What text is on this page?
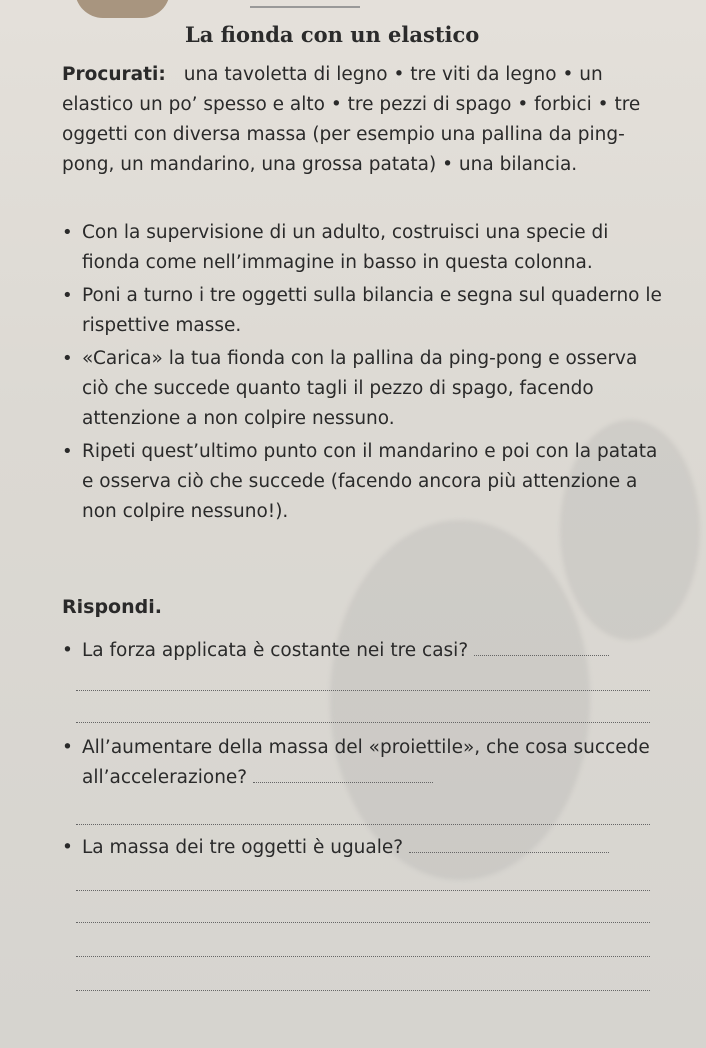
La fionda con un elastico
Procurati: una tavoletta di legno • tre viti da legno • un elastico un po’ spesso e alto • tre pezzi di spago • forbici • tre oggetti con diversa massa (per esempio una pallina da ping-pong, un mandarino, una grossa patata) • una bilancia.
• Con la supervisione di un adulto, costruisci una specie di fionda come nell’immagine in basso in questa colonna.
• Poni a turno i tre oggetti sulla bilancia e segna sul quaderno le rispettive masse.
• «Carica» la tua fionda con la pallina da ping-pong e osserva ciò che succede quanto tagli il pezzo di spago, facendo attenzione a non colpire nessuno.
• Ripeti quest’ultimo punto con il mandarino e poi con la patata e osserva ciò che succede (facendo ancora più attenzione a non colpire nessuno!).
Rispondi.
• La forza applicata è costante nei tre casi?
• All’aumentare della massa del «proiettile», che cosa succede all’accelerazione?
• La massa dei tre oggetti è uguale?
